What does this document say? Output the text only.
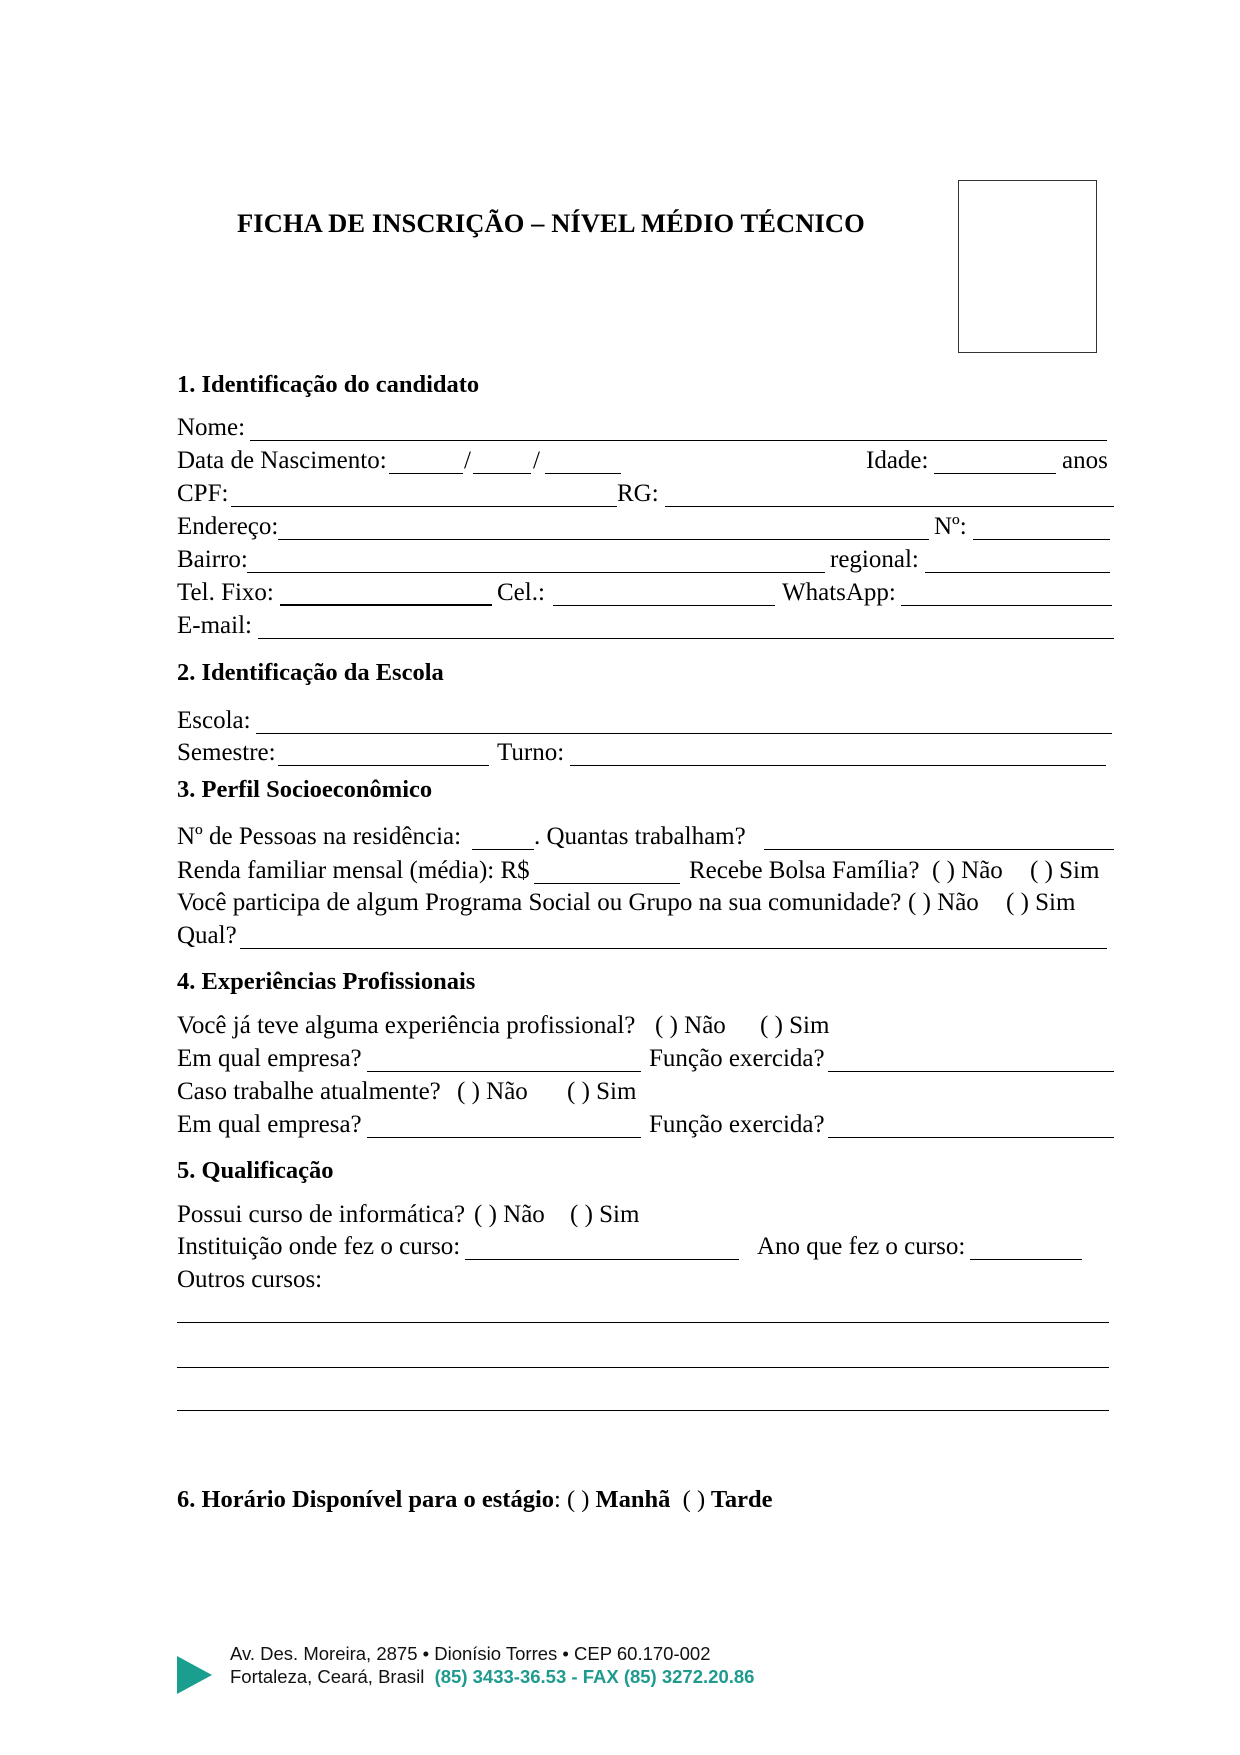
FICHA DE INSCRIÇÃO – NÍVEL MÉDIO TÉCNICO
1. Identificação do candidato
Nome:
Data de Nascimento:	/ /	Idade:	anos
CPF:	RG:
Endereço:	Nº:
Bairro:	regional:
Tel. Fixo:	Cel.:	WhatsApp:
E-mail:
2. Identificação da Escola
Escola:
Semestre:	Turno:
3. Perfil Socioeconômico
Nº de Pessoas na residência:	. Quantas trabalham?
Renda familiar mensal (média): R$	Recebe Bolsa Família? ( ) Não ( ) Sim
Você participa de algum Programa Social ou Grupo na sua comunidade? ( ) Não ( ) Sim
Qual?
4. Experiências Profissionais
Você já teve alguma experiência profissional? ( ) Não ( ) Sim
Em qual empresa?	Função exercida?
Caso trabalhe atualmente? ( ) Não ( ) Sim
Em qual empresa?	Função exercida?
5. Qualificação
Possui curso de informática? ( ) Não ( ) Sim
Instituição onde fez o curso:	Ano que fez o curso:
Outros cursos:
6. Horário Disponível para o estágio: ( ) Manhã ( ) Tarde
Av. Des. Moreira, 2875 • Dionísio Torres • CEP 60.170-002
Fortaleza, Ceará, Brasil  (85) 3433-36.53 - FAX (85) 3272.20.86
